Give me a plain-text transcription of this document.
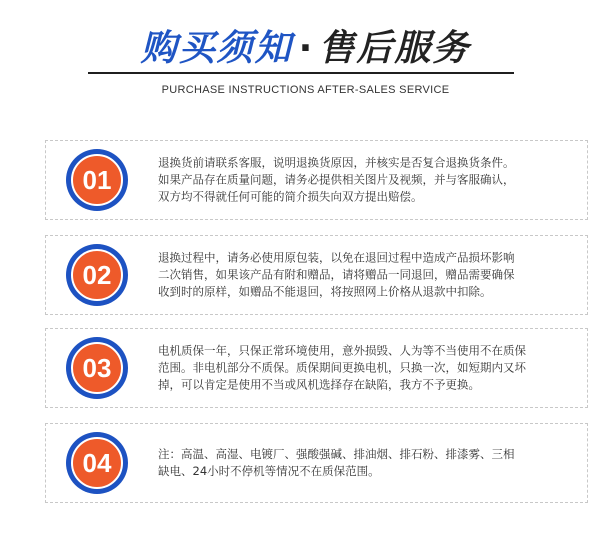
购买须知 · 售后服务
PURCHASE INSTRUCTIONS AFTER-SALES SERVICE
01
退换货前请联系客服，说明退换货原因，并核实是否复合退换货条件。
如果产品存在质量问题，请务必提供相关图片及视频，并与客服确认，
双方均不得就任何可能的简介损失向双方提出赔偿。
02
退换过程中，请务必使用原包装，以免在退回过程中造成产品损坏影响
二次销售，如果该产品有附和赠品，请将赠品一同退回，赠品需要确保
收到时的原样，如赠品不能退回，将按照网上价格从退款中扣除。
03
电机质保一年，只保正常环境使用，意外损毁、人为等不当使用不在质保
范围。非电机部分不质保。质保期间更换电机，只换一次，如短期内又坏
掉，可以肯定是使用不当或风机选择存在缺陷，我方不予更换。
04	注：高温、高湿、电镀厂、强酸强碱、排油烟、排石粉、排漆雾、三相
缺电、24小时不停机等情况不在质保范围。
